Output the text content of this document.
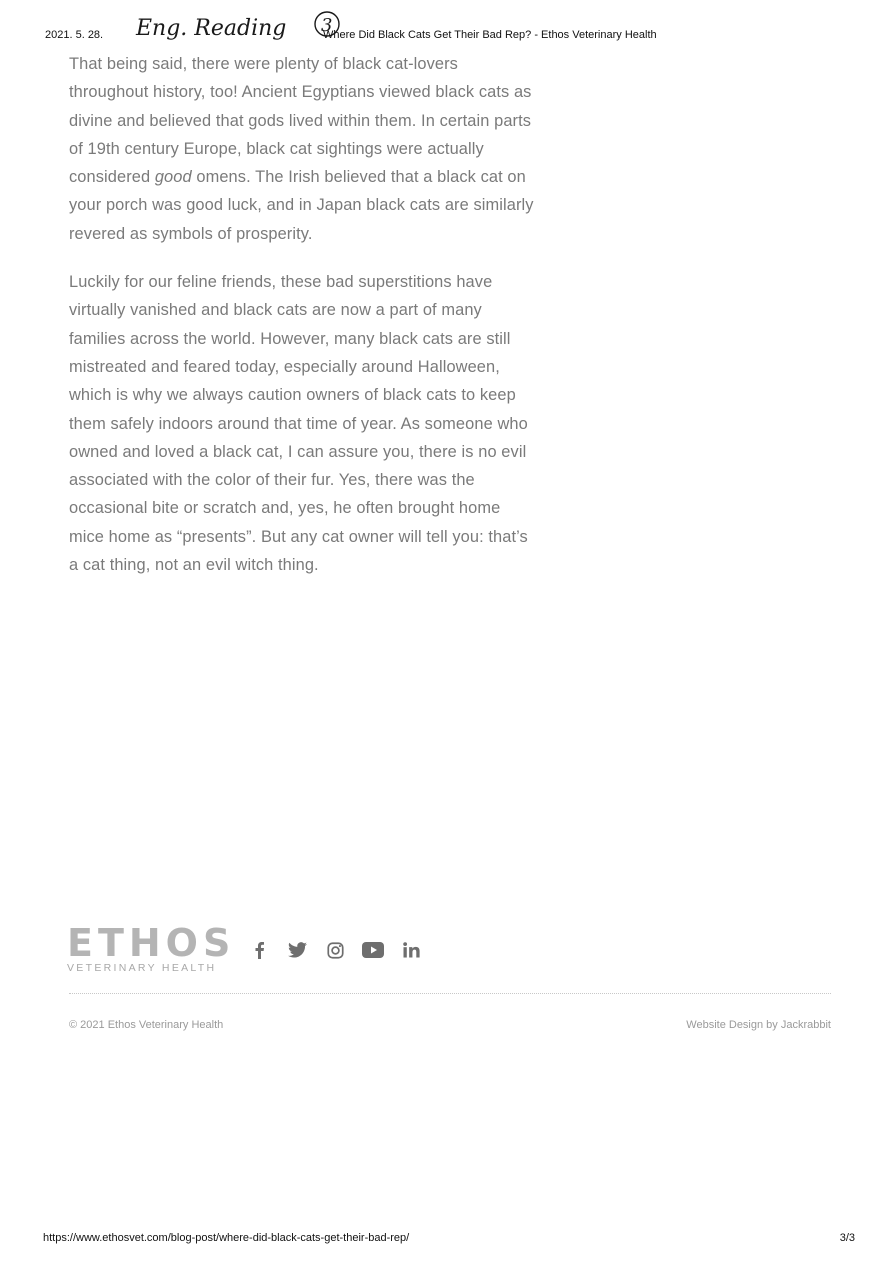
2021. 5. 28. Eng. Reading 3
Where Did Black Cats Get Their Bad Rep? - Ethos Veterinary Health

That being said, there were plenty of black cat-lovers throughout history, too! Ancient Egyptians viewed black cats as divine and believed that gods lived within them. In certain parts of 19th century Europe, black cat sightings were actually considered good omens. The Irish believed that a black cat on your porch was good luck, and in Japan black cats are similarly revered as symbols of prosperity.

Luckily for our feline friends, these bad superstitions have virtually vanished and black cats are now a part of many families across the world. However, many black cats are still mistreated and feared today, especially around Halloween, which is why we always caution owners of black cats to keep them safely indoors around that time of year. As someone who owned and loved a black cat, I can assure you, there is no evil associated with the color of their fur. Yes, there was the occasional bite or scratch and, yes, he often brought home mice home as “presents”. But any cat owner will tell you: that’s a cat thing, not an evil witch thing.

ETHOS
VETERINARY HEALTH
© 2021 Ethos Veterinary Health	Website Design by Jackrabbit
https://www.ethosvet.com/blog-post/where-did-black-cats-get-their-bad-rep/	3/3
